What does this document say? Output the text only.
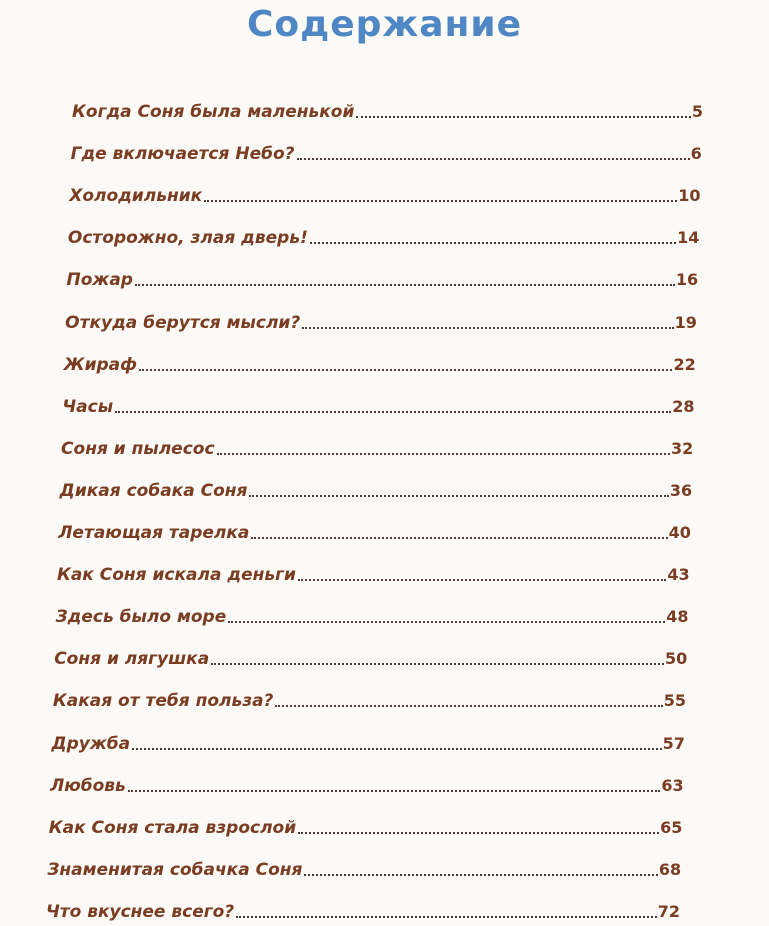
Содержание
Когда Соня была маленькой	5
Где включается Небо?	6
Холодильник	10
Осторожно, злая дверь!	14
Пожар	16
Откуда берутся мысли?	19
Жираф	22
Часы	28
Соня и пылесос	32
Дикая собака Соня	36
Летающая тарелка	40
Как Соня искала деньги	43
Здесь было море	48
Соня и лягушка	50
Какая от тебя польза?	55
Дружба	57
Любовь	63
Как Соня стала взрослой	65
Знаменитая собачка Соня	68
Что вкуснее всего?	72
